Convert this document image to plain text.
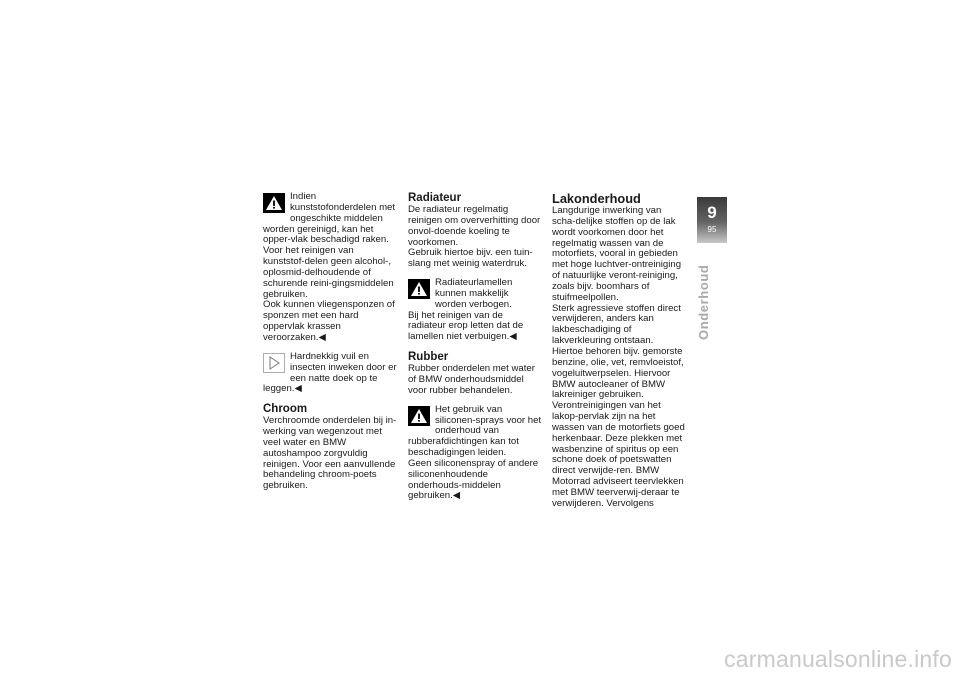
Indien kunststofonderdelen met ongeschikte middelen worden gereinigd, kan het opper-vlak beschadigd raken.

Voor het reinigen van kunststof-delen geen alcohol-, oplosmid-delhoudende of schurende reini-gingsmiddelen gebruiken.

Ook kunnen vliegensponzen of sponzen met een hard oppervlak krassen veroorzaken.◀

Hardnekkig vuil en insecten inweken door er een natte doek op te leggen.◀

Chroom

Verchroomde onderdelen bij in-werking van wegenzout met veel water en BMW autoshampoo zorgvuldig reinigen. Voor een aanvullende behandeling chroom-poets gebruiken.

Radiateur

De radiateur regelmatig reinigen om oververhitting door onvol-doende koeling te voorkomen.

Gebruik hiertoe bijv. een tuin-slang met weinig waterdruk.

Radiateurlamellen kunnen makkelijk worden verbogen.

Bij het reinigen van de radiateur erop letten dat de lamellen niet verbuigen.◀

Rubber

Rubber onderdelen met water of BMW onderhoudsmiddel voor rubber behandelen.

Het gebruik van siliconen-sprays voor het onderhoud van rubberafdichtingen kan tot beschadigingen leiden.

Geen siliconenspray of andere siliconenhoudende onderhouds-middelen gebruiken.◀

Lakonderhoud

Langdurige inwerking van scha-delijke stoffen op de lak wordt voorkomen door het regelmatig wassen van de motorfiets, vooral in gebieden met hoge luchtver-ontreiniging of natuurlijke veront-reiniging, zoals bijv. boomhars of stuifmeelpollen.

Sterk agressieve stoffen direct verwijderen, anders kan lakbeschadiging of lakverkleuring ontstaan. Hiertoe behoren bijv. gemorste benzine, olie, vet, remvloeistof, vogeluitwerpselen. Hiervoor BMW autocleaner of BMW lakreiniger gebruiken.

Verontreinigingen van het lakop-pervlak zijn na het wassen van de motorfiets goed herkenbaar. Deze plekken met wasbenzine of spiritus op een schone doek of poetswatten direct verwijde-ren. BMW Motorrad adviseert teervlekken met BMW teerverwij-deraar te verwijderen. Vervolgens

9
95
Onderhoud
carmanualsonline.info
